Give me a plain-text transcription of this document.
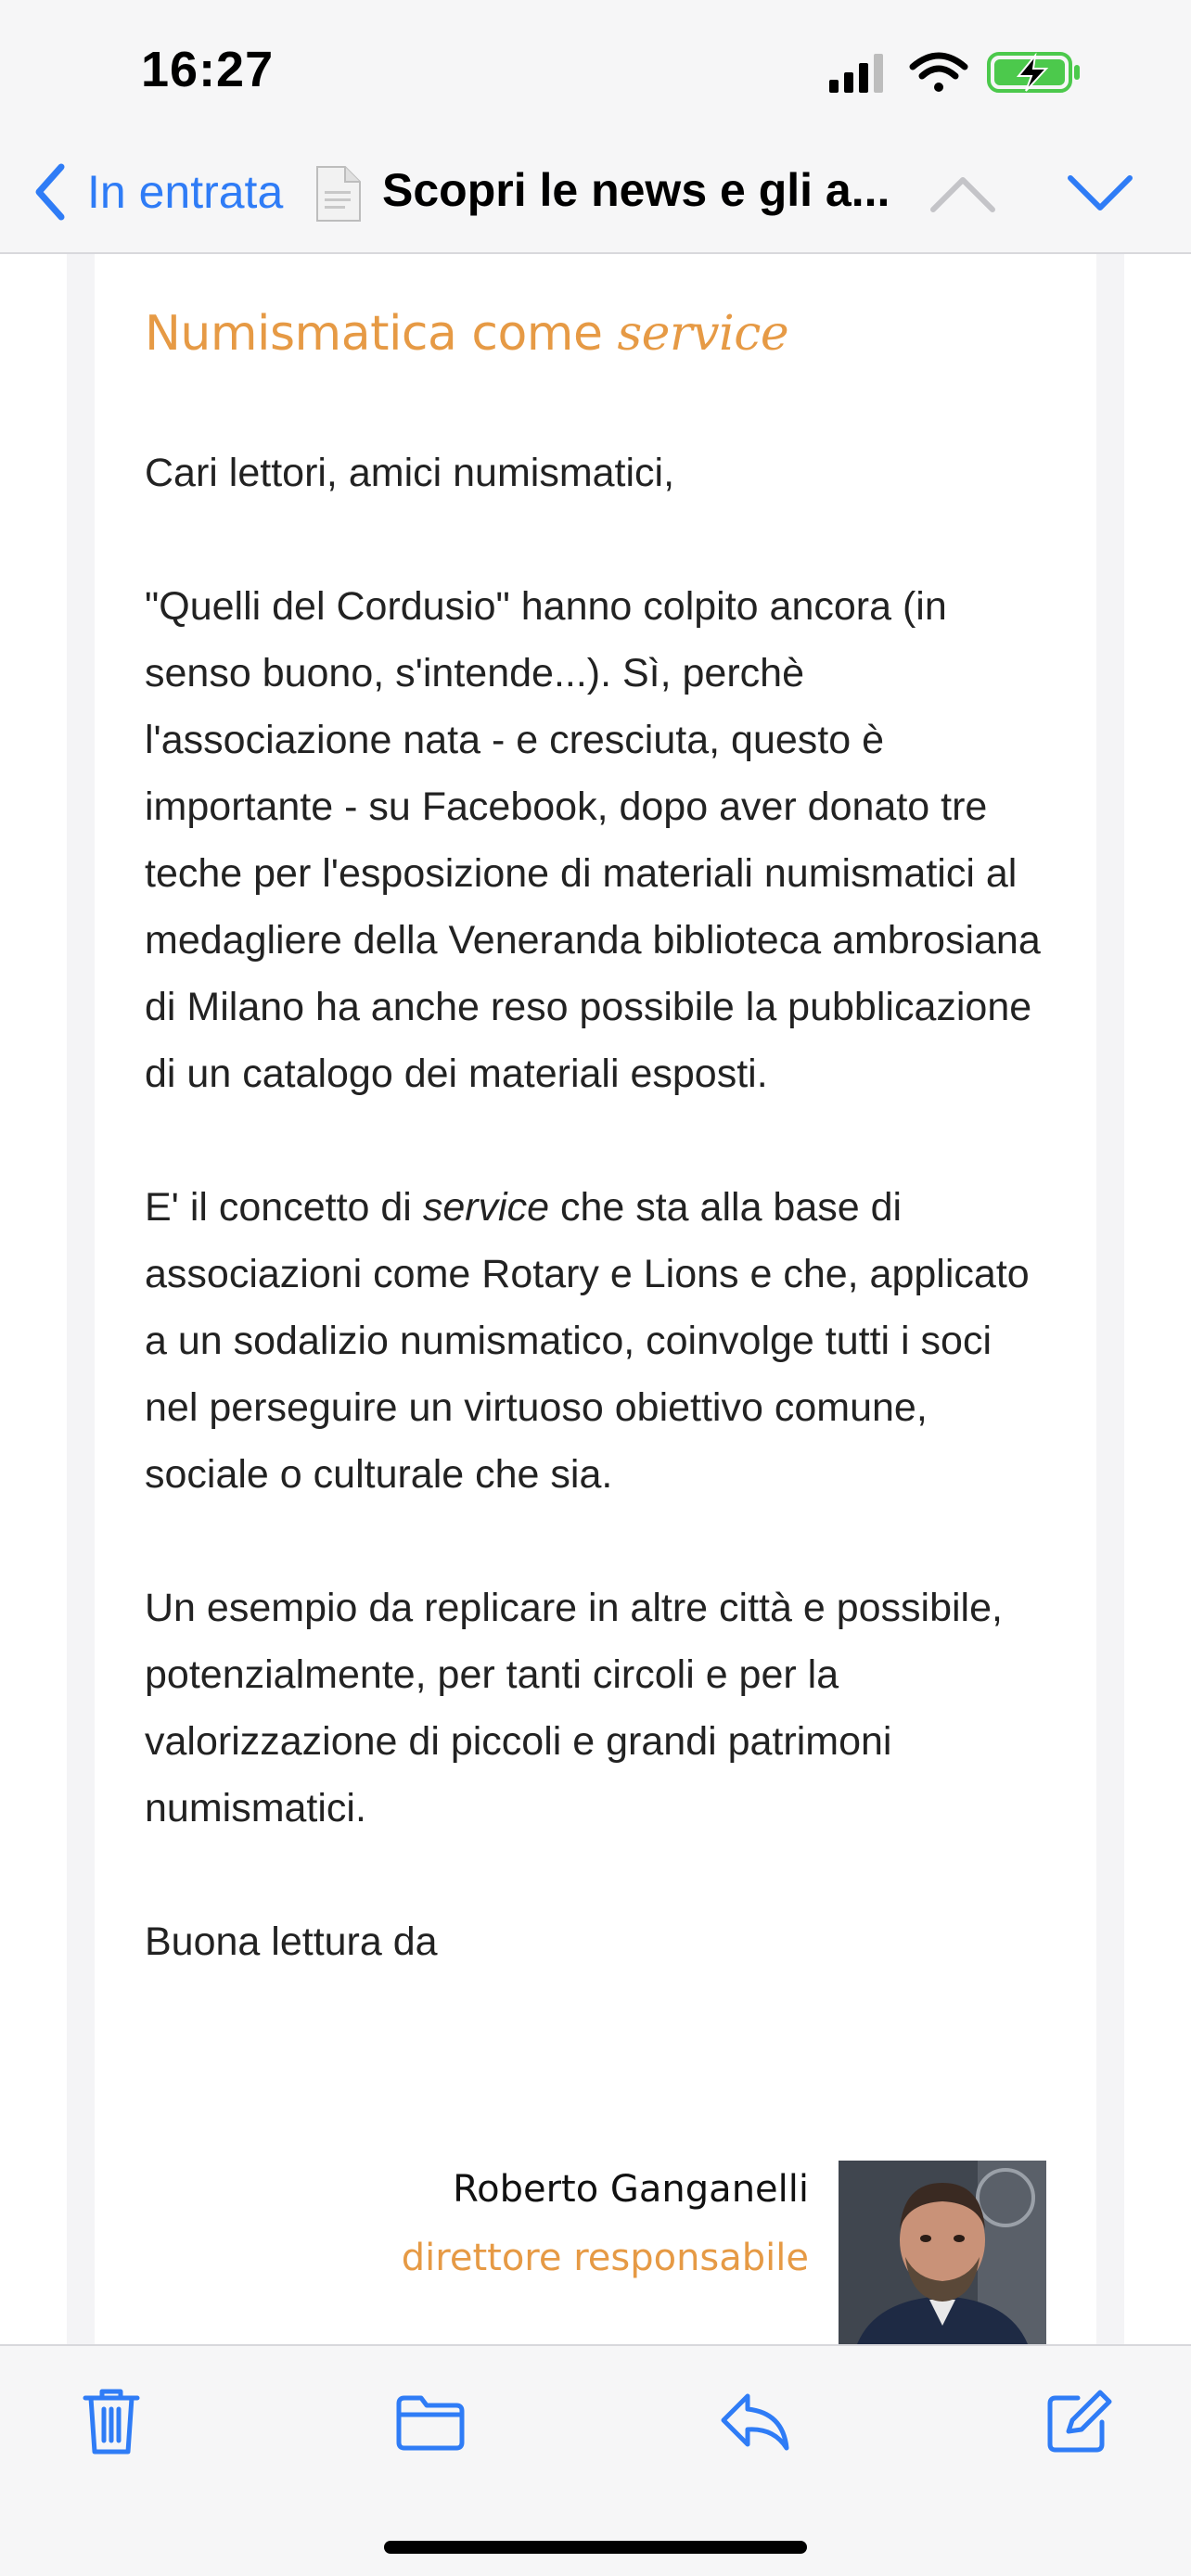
16:27
In entrata Scopri le news e gli a...
Numismatica come service

Cari lettori, amici numismatici,

"Quelli del Cordusio" hanno colpito ancora (in senso buono, s'intende...). Sì, perchè l'associazione nata - e cresciuta, questo è importante - su Facebook, dopo aver donato tre teche per l'esposizione di materiali numismatici al medagliere della Veneranda biblioteca ambrosiana di Milano ha anche reso possibile la pubblicazione di un catalogo dei materiali esposti.

E' il concetto di service che sta alla base di associazioni come Rotary e Lions e che, applicato a un sodalizio numismatico, coinvolge tutti i soci nel perseguire un virtuoso obiettivo comune, sociale o culturale che sia.

Un esempio da replicare in altre città e possibile, potenzialmente, per tanti circoli e per la valorizzazione di piccoli e grandi patrimoni numismatici.

Buona lettura da

Roberto Ganganelli
direttore responsabile
